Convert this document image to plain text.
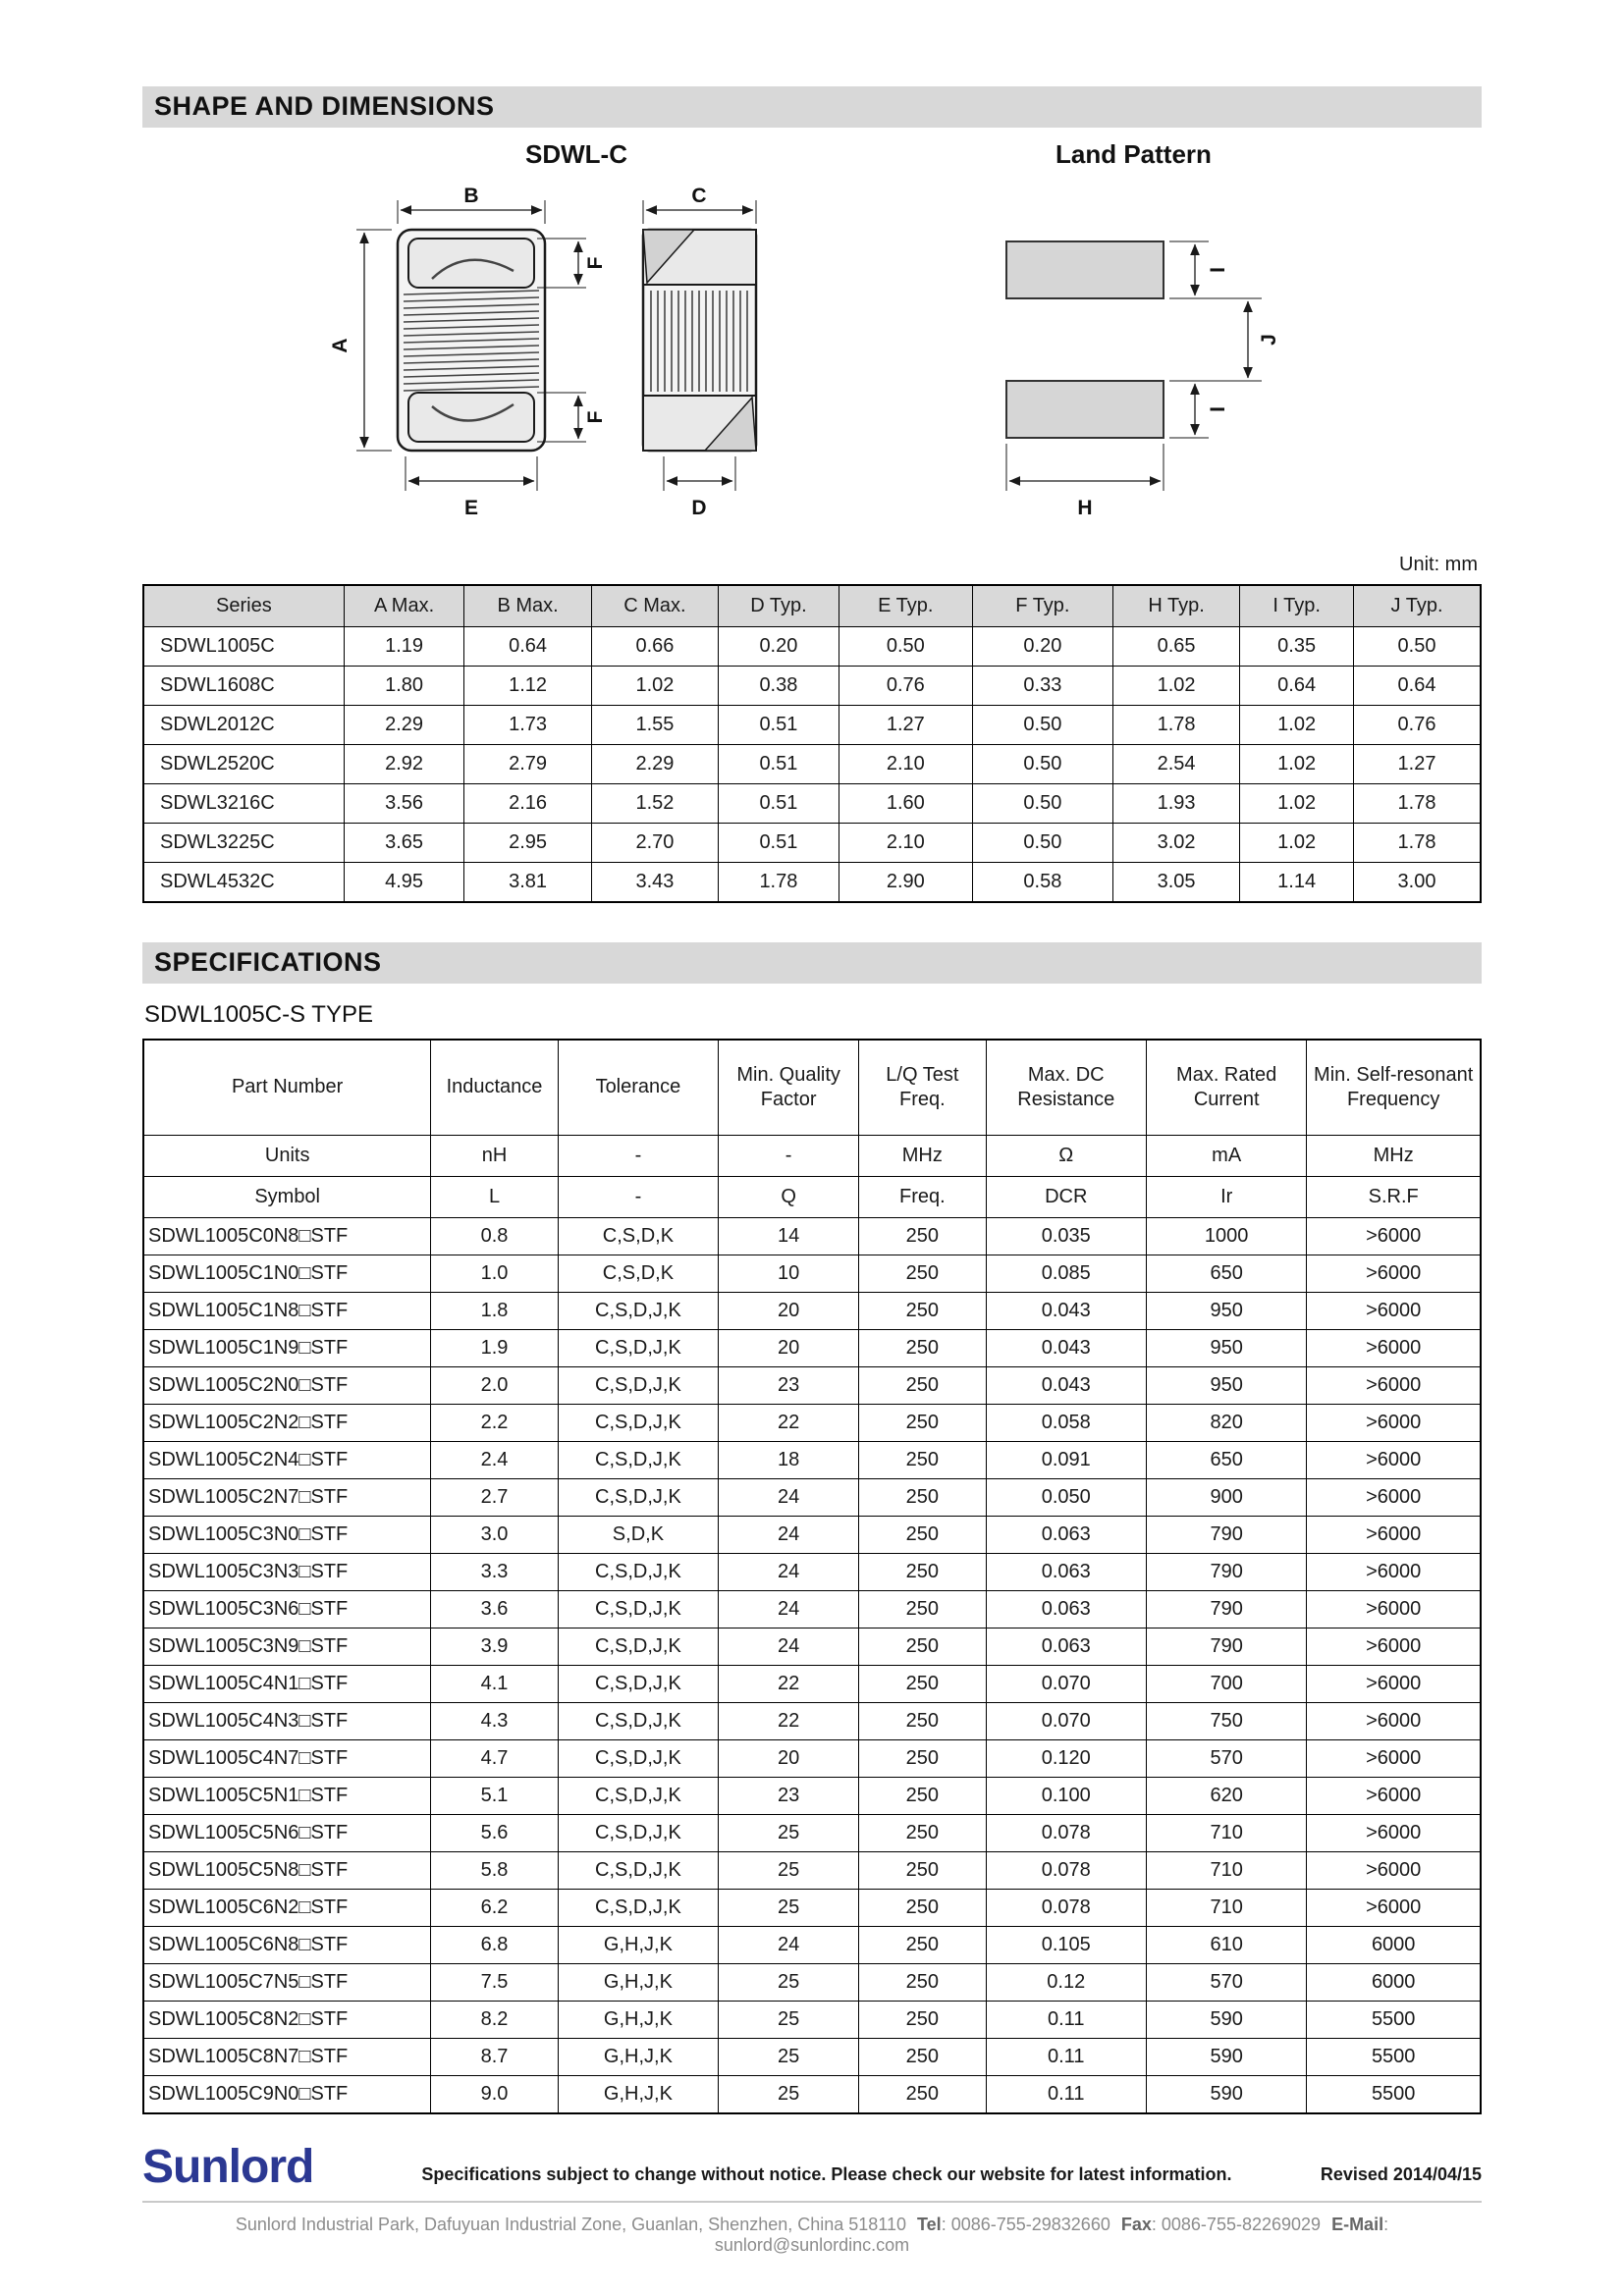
SHAPE AND DIMENSIONS
SDWL-C	Land Pattern
B
A
F
F
E
C
D
I
J
I
H
Unit: mm
Series	A Max.	B Max.	C Max.	D Typ.	E Typ.	F Typ.	H Typ.	I Typ.	J Typ.
SDWL1005C	1.19	0.64	0.66	0.20	0.50	0.20	0.65	0.35	0.50
SDWL1608C	1.80	1.12	1.02	0.38	0.76	0.33	1.02	0.64	0.64
SDWL2012C	2.29	1.73	1.55	0.51	1.27	0.50	1.78	1.02	0.76
SDWL2520C	2.92	2.79	2.29	0.51	2.10	0.50	2.54	1.02	1.27
SDWL3216C	3.56	2.16	1.52	0.51	1.60	0.50	1.93	1.02	1.78
SDWL3225C	3.65	2.95	2.70	0.51	2.10	0.50	3.02	1.02	1.78
SDWL4532C	4.95	3.81	3.43	1.78	2.90	0.58	3.05	1.14	3.00
SPECIFICATIONS
SDWL1005C-S TYPE
Part Number	Inductance	Tolerance	Min. Quality Factor	L/Q Test Freq.	Max. DC Resistance	Max. Rated Current	Min. Self-resonant Frequency
Units	nH	-	-	MHz	Ω	mA	MHz
Symbol	L	-	Q	Freq.	DCR	Ir	S.R.F
SDWL1005C0N8□STF	0.8	C,S,D,K	14	250	0.035	1000	>6000
SDWL1005C1N0□STF	1.0	C,S,D,K	10	250	0.085	650	>6000
SDWL1005C1N8□STF	1.8	C,S,D,J,K	20	250	0.043	950	>6000
SDWL1005C1N9□STF	1.9	C,S,D,J,K	20	250	0.043	950	>6000
SDWL1005C2N0□STF	2.0	C,S,D,J,K	23	250	0.043	950	>6000
SDWL1005C2N2□STF	2.2	C,S,D,J,K	22	250	0.058	820	>6000
SDWL1005C2N4□STF	2.4	C,S,D,J,K	18	250	0.091	650	>6000
SDWL1005C2N7□STF	2.7	C,S,D,J,K	24	250	0.050	900	>6000
SDWL1005C3N0□STF	3.0	S,D,K	24	250	0.063	790	>6000
SDWL1005C3N3□STF	3.3	C,S,D,J,K	24	250	0.063	790	>6000
SDWL1005C3N6□STF	3.6	C,S,D,J,K	24	250	0.063	790	>6000
SDWL1005C3N9□STF	3.9	C,S,D,J,K	24	250	0.063	790	>6000
SDWL1005C4N1□STF	4.1	C,S,D,J,K	22	250	0.070	700	>6000
SDWL1005C4N3□STF	4.3	C,S,D,J,K	22	250	0.070	750	>6000
SDWL1005C4N7□STF	4.7	C,S,D,J,K	20	250	0.120	570	>6000
SDWL1005C5N1□STF	5.1	C,S,D,J,K	23	250	0.100	620	>6000
SDWL1005C5N6□STF	5.6	C,S,D,J,K	25	250	0.078	710	>6000
SDWL1005C5N8□STF	5.8	C,S,D,J,K	25	250	0.078	710	>6000
SDWL1005C6N2□STF	6.2	C,S,D,J,K	25	250	0.078	710	>6000
SDWL1005C6N8□STF	6.8	G,H,J,K	24	250	0.105	610	6000
SDWL1005C7N5□STF	7.5	G,H,J,K	25	250	0.12	570	6000
SDWL1005C8N2□STF	8.2	G,H,J,K	25	250	0.11	590	5500
SDWL1005C8N7□STF	8.7	G,H,J,K	25	250	0.11	590	5500
SDWL1005C9N0□STF	9.0	G,H,J,K	25	250	0.11	590	5500
Sunlord	Specifications subject to change without notice. Please check our website for latest information.	Revised 2014/04/15
Sunlord Industrial Park, Dafuyuan Industrial Zone, Guanlan, Shenzhen, China 518110 Tel: 0086-755-29832660 Fax: 0086-755-82269029 E-Mail: sunlord@sunlordinc.com
